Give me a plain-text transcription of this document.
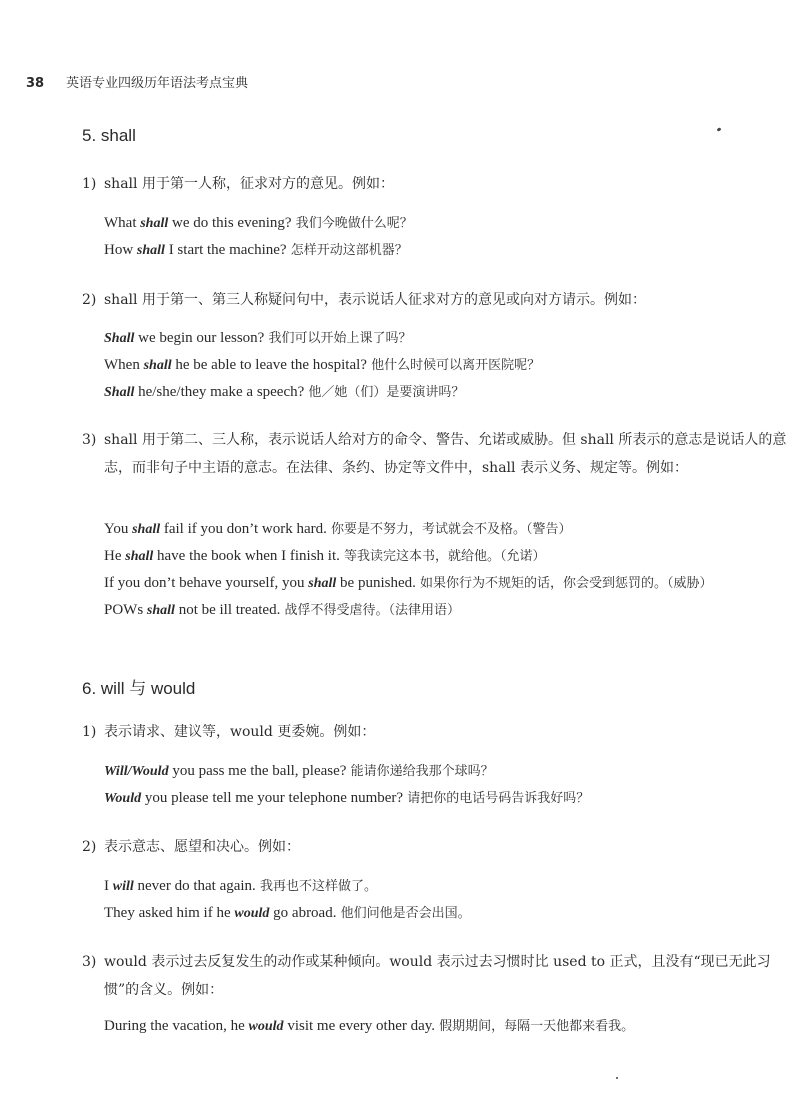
38 英语专业四级历年语法考点宝典
5. shall
1) shall 用于第一人称，征求对方的意见。例如：
What shall we do this evening? 我们今晚做什么呢？
How shall I start the machine? 怎样开动这部机器？
2) shall 用于第一、第三人称疑问句中，表示说话人征求对方的意见或向对方请示。例如：
Shall we begin our lesson? 我们可以开始上课了吗？
When shall he be able to leave the hospital? 他什么时候可以离开医院呢？
Shall he/she/they make a speech? 他／她（们）是要演讲吗？
3) shall 用于第二、三人称，表示说话人给对方的命令、警告、允诺或威胁。但 shall 所表示的意志是说话人的意志，而非句子中主语的意志。在法律、条约、协定等文件中，shall 表示义务、规定等。例如：
You shall fail if you don’t work hard. 你要是不努力，考试就会不及格。（警告）
He shall have the book when I finish it. 等我读完这本书，就给他。（允诺）
If you don’t behave yourself, you shall be punished. 如果你行为不规矩的话，你会受到惩罚的。（威胁）
POWs shall not be ill treated. 战俘不得受虐待。（法律用语）
6. will 与 would
1) 表示请求、建议等，would 更委婉。例如：
Will/Would you pass me the ball, please? 能请你递给我那个球吗？
Would you please tell me your telephone number? 请把你的电话号码告诉我好吗？
2) 表示意志、愿望和决心。例如：
I will never do that again. 我再也不这样做了。
They asked him if he would go abroad. 他们问他是否会出国。
3) would 表示过去反复发生的动作或某种倾向。would 表示过去习惯时比 used to 正式，且没有“现已无此习惯”的含义。例如：
During the vacation, he would visit me every other day. 假期期间，每隔一天他都来看我。
